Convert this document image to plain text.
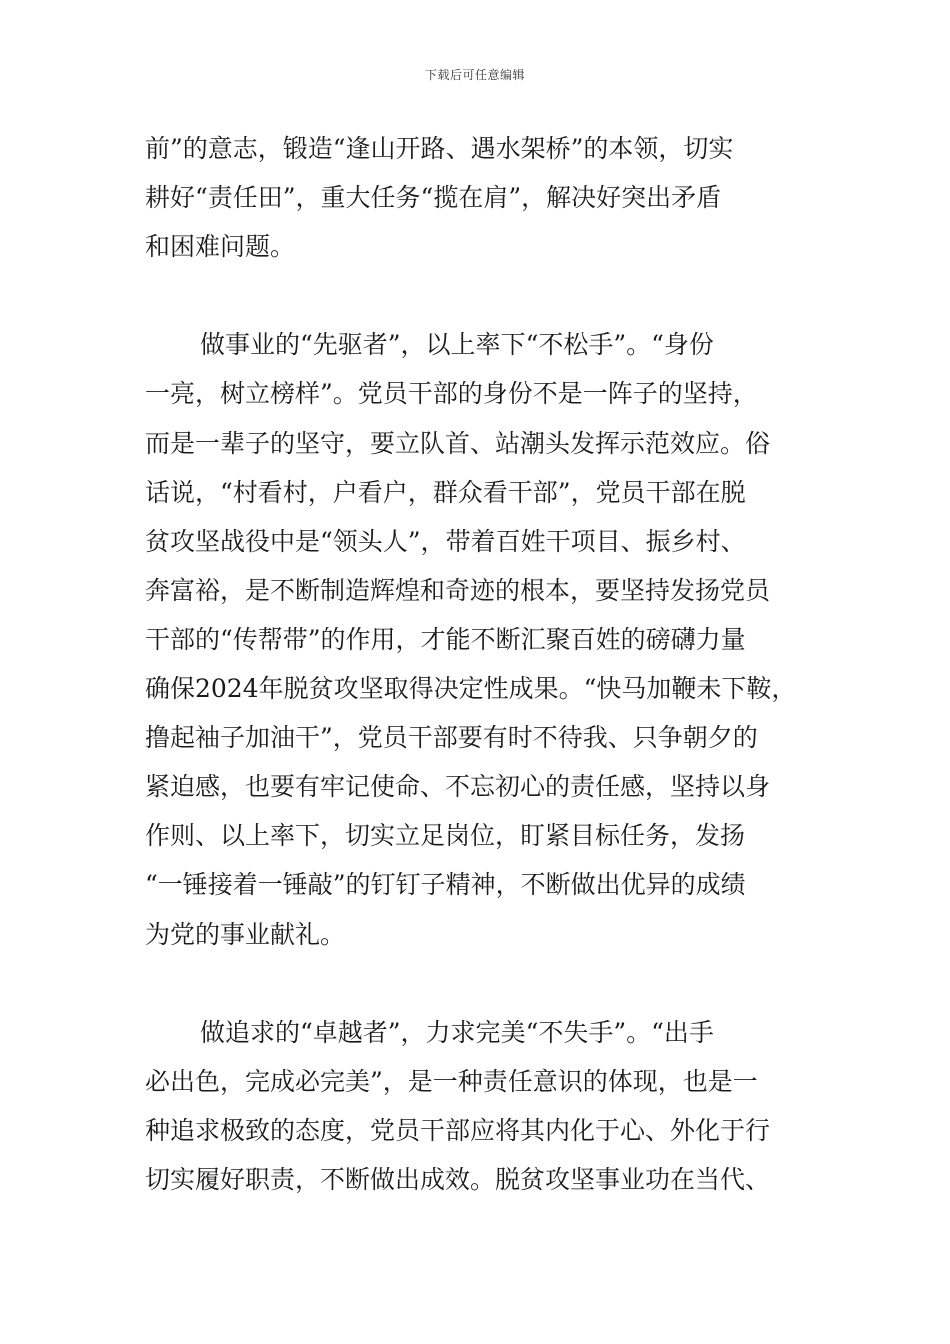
下载后可任意编辑
前”的意志，锻造“逢山开路、遇水架桥”的本领，切实
耕好“责任田”，重大任务“揽在肩”，解决好突出矛盾
和困难问题。
做事业的“先驱者”，以上率下“不松手”。“身份
一亮，树立榜样”。党员干部的身份不是一阵子的坚持，
而是一辈子的坚守，要立队首、站潮头发挥示范效应。俗
话说，“村看村，户看户，群众看干部”，党员干部在脱
贫攻坚战役中是“领头人”，带着百姓干项目、振乡村、
奔富裕，是不断制造辉煌和奇迹的根本，要坚持发扬党员
干部的“传帮带”的作用，才能不断汇聚百姓的磅礴力量
确保2024年脱贫攻坚取得决定性成果。“快马加鞭未下鞍，
撸起袖子加油干”，党员干部要有时不待我、只争朝夕的
紧迫感，也要有牢记使命、不忘初心的责任感，坚持以身
作则、以上率下，切实立足岗位，盯紧目标任务，发扬
“一锤接着一锤敲”的钉钉子精神，不断做出优异的成绩
为党的事业献礼。
做追求的“卓越者”，力求完美“不失手”。“出手
必出色，完成必完美”，是一种责任意识的体现，也是一
种追求极致的态度，党员干部应将其内化于心、外化于行
切实履好职责，不断做出成效。脱贫攻坚事业功在当代、
